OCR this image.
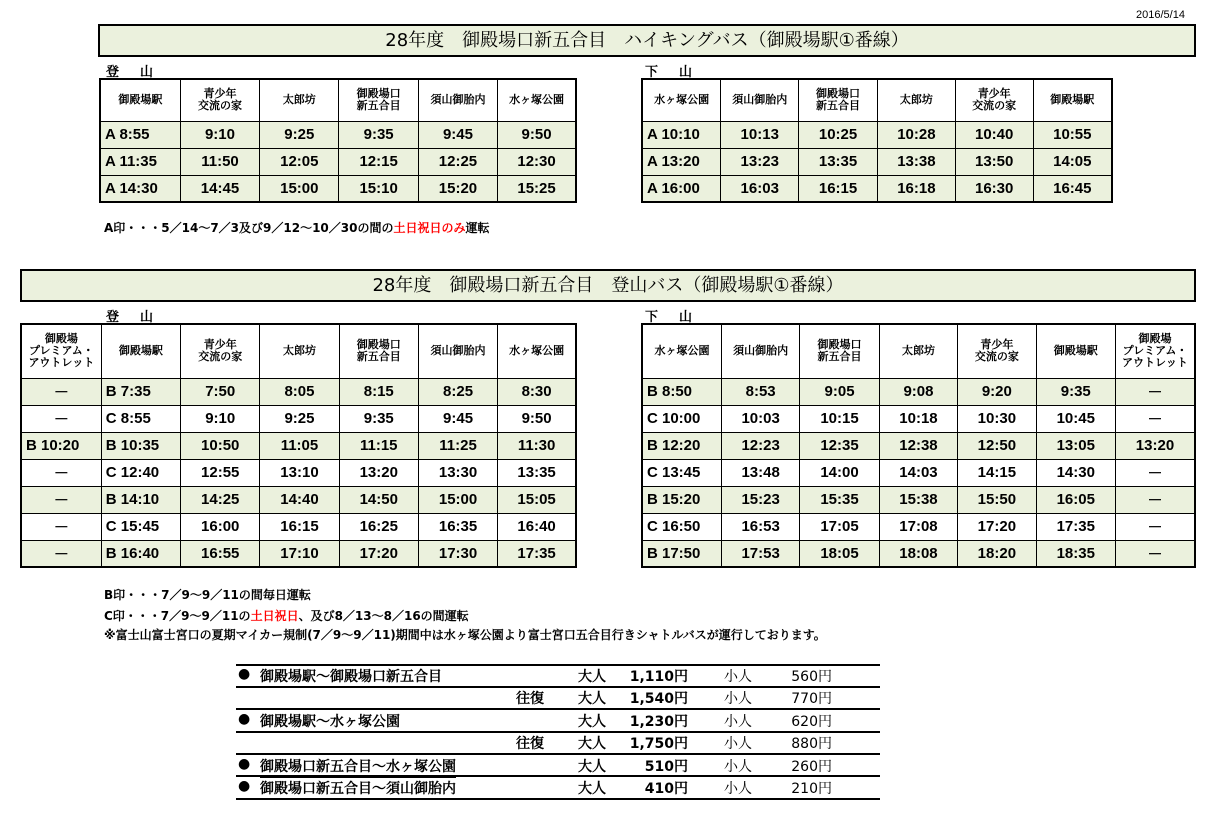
2016/5/14
28年度　御殿場口新五合目　ハイキングバス（御殿場駅①番線）
登　山	下　山
御殿場駅	青少年
交流の家	太郎坊	御殿場口
新五合目	須山御胎内	水ヶ塚公園
A 8:55	9:10	9:25	9:35	9:45	9:50
A 11:35	11:50	12:05	12:15	12:25	12:30
A 14:30	14:45	15:00	15:10	15:20	15:25
水ヶ塚公園	須山御胎内	御殿場口
新五合目	太郎坊	青少年
交流の家	御殿場駅
A 10:10	10:13	10:25	10:28	10:40	10:55
A 13:20	13:23	13:35	13:38	13:50	14:05
A 16:00	16:03	16:15	16:18	16:30	16:45
A印・・・5／14～7／3及び9／12～10／30の間の土日祝日のみ運転
28年度　御殿場口新五合目　登山バス（御殿場駅①番線）
登　山	下　山
御殿場
プレミアム・
アウトレット	御殿場駅	青少年
交流の家	太郎坊	御殿場口
新五合目	須山御胎内	水ヶ塚公園
－	B 7:35	7:50	8:05	8:15	8:25	8:30
－	C 8:55	9:10	9:25	9:35	9:45	9:50
B 10:20	B 10:35	10:50	11:05	11:15	11:25	11:30
－	C 12:40	12:55	13:10	13:20	13:30	13:35
－	B 14:10	14:25	14:40	14:50	15:00	15:05
－	C 15:45	16:00	16:15	16:25	16:35	16:40
－	B 16:40	16:55	17:10	17:20	17:30	17:35
水ヶ塚公園	須山御胎内	御殿場口
新五合目	太郎坊	青少年
交流の家	御殿場駅	御殿場
プレミアム・
アウトレット
B 8:50	8:53	9:05	9:08	9:20	9:35	－
C 10:00	10:03	10:15	10:18	10:30	10:45	－
B 12:20	12:23	12:35	12:38	12:50	13:05	13:20
C 13:45	13:48	14:00	14:03	14:15	14:30	－
B 15:20	15:23	15:35	15:38	15:50	16:05	－
C 16:50	16:53	17:05	17:08	17:20	17:35	－
B 17:50	17:53	18:05	18:08	18:20	18:35	－
B印・・・7／9～9／11の間毎日運転
C印・・・7／9～9／11の土日祝日、及び8／13～8／16の間運転
※富士山富士宮口の夏期マイカー規制(7／9～9／11)期間中は水ヶ塚公園より富士宮口五合目行きシャトルバスが運行しております。
● 御殿場駅～御殿場口新五合目	大人 1,110円	小人	560円
往復 大人 1,540円	小人	770円
● 御殿場駅～水ヶ塚公園	大人 1,230円	小人	620円
往復 大人 1,750円	小人	880円
● 御殿場口新五合目～水ヶ塚公園	大人	510円	小人	260円
● 御殿場口新五合目～須山御胎内	大人	410円	小人	210円
